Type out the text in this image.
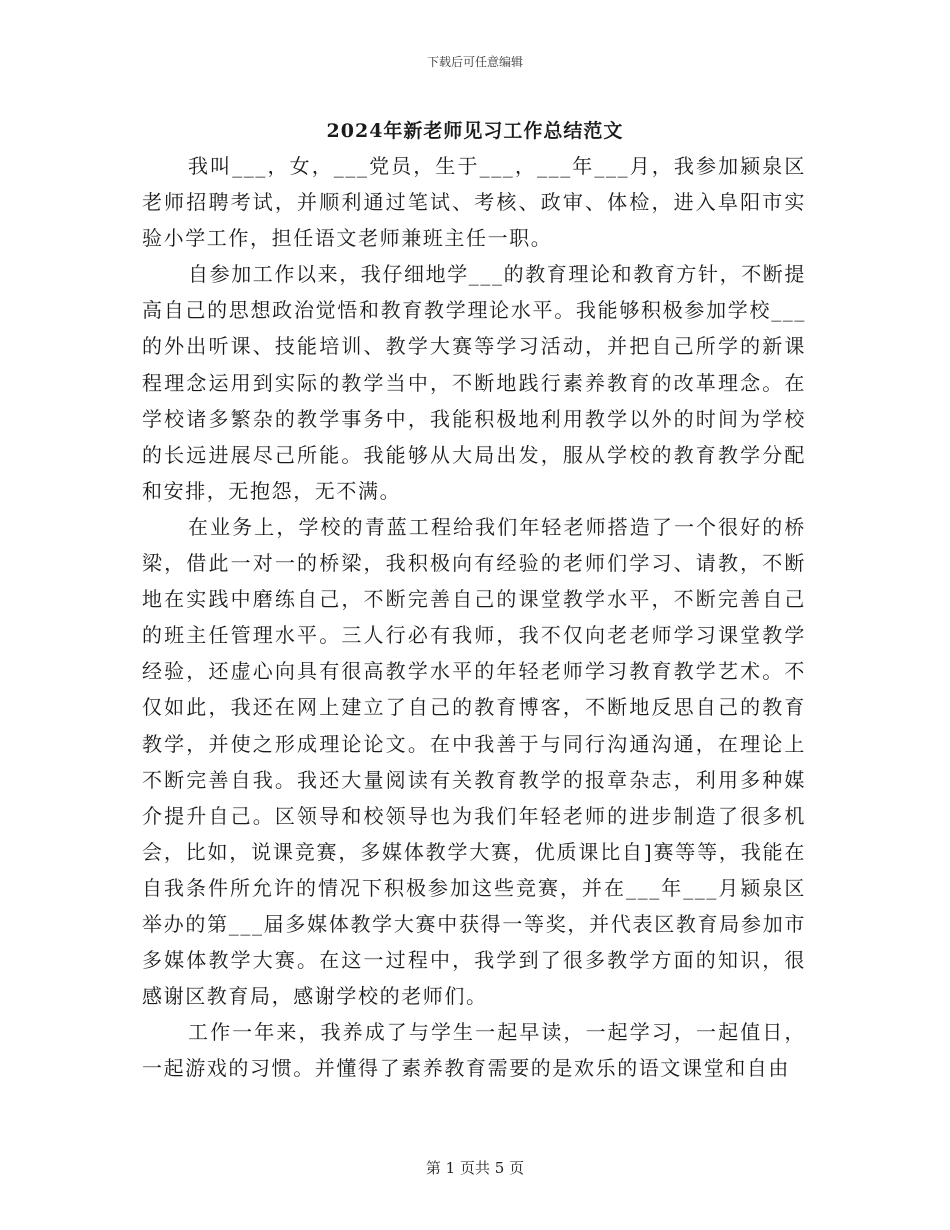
下载后可任意编辑
2024年新老师见习工作总结范文

我叫___，女，___党员，生于___，___年___月，我参加颍泉区老师招聘考试，并顺利通过笔试、考核、政审、体检，进入阜阳市实验小学工作，担任语文老师兼班主任一职。

自参加工作以来，我仔细地学___的教育理论和教育方针，不断提高自己的思想政治觉悟和教育教学理论水平。我能够积极参加学校___的外出听课、技能培训、教学大赛等学习活动，并把自己所学的新课程理念运用到实际的教学当中，不断地践行素养教育的改革理念。在学校诸多繁杂的教学事务中，我能积极地利用教学以外的时间为学校的长远进展尽己所能。我能够从大局出发，服从学校的教育教学分配和安排，无抱怨，无不满。

在业务上，学校的青蓝工程给我们年轻老师搭造了一个很好的桥梁，借此一对一的桥梁，我积极向有经验的老师们学习、请教，不断地在实践中磨练自己，不断完善自己的课堂教学水平，不断完善自己的班主任管理水平。三人行必有我师，我不仅向老老师学习课堂教学经验，还虚心向具有很高教学水平的年轻老师学习教育教学艺术。不仅如此，我还在网上建立了自己的教育博客，不断地反思自己的教育教学，并使之形成理论论文。在中我善于与同行沟通沟通，在理论上不断完善自我。我还大量阅读有关教育教学的报章杂志，利用多种媒介提升自己。区领导和校领导也为我们年轻老师的进步制造了很多机会，比如，说课竞赛，多媒体教学大赛，优质课比自]赛等等，我能在自我条件所允许的情况下积极参加这些竞赛，并在___年___月颍泉区举办的第___届多媒体教学大赛中获得一等奖，并代表区教育局参加市多媒体教学大赛。在这一过程中，我学到了很多教学方面的知识，很感谢区教育局，感谢学校的老师们。

工作一年来，我养成了与学生一起早读，一起学习，一起值日，一起游戏的习惯。并懂得了素养教育需要的是欢乐的语文课堂和自由

第 1 页共 5 页
